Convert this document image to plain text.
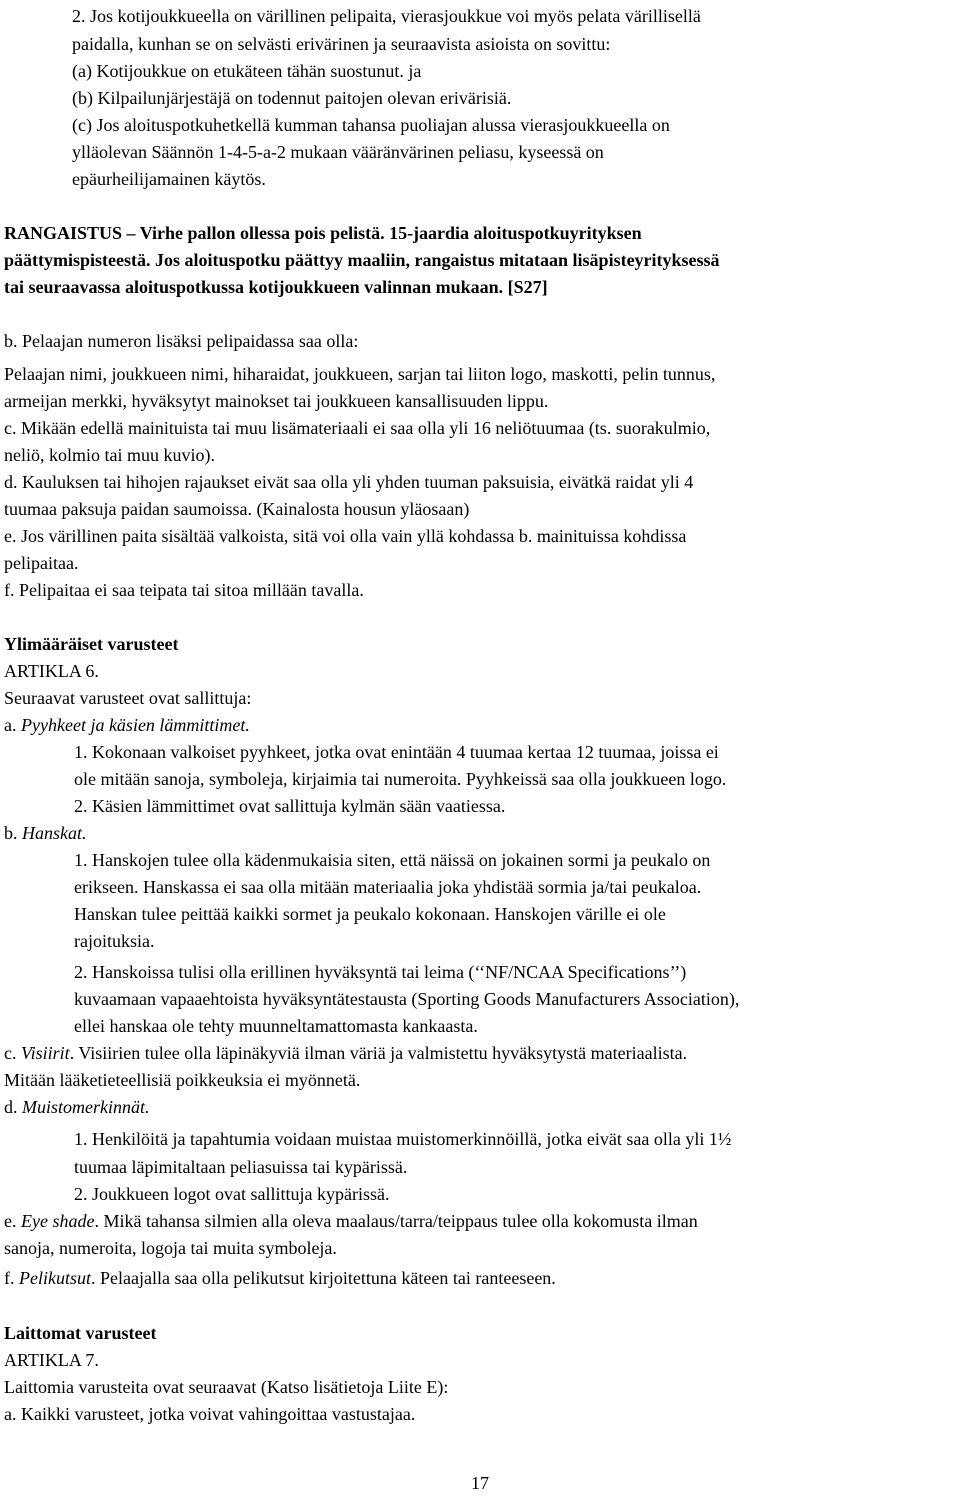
2. Jos kotijoukkueella on värillinen pelipaita, vierasjoukkue voi myös pelata värillisellä
paidalla, kunhan se on selvästi erivärinen ja seuraavista asioista on sovittu:
(a) Kotijoukkue on etukäteen tähän suostunut. ja
(b) Kilpailunjärjestäjä on todennut paitojen olevan erivärisiä.
(c) Jos aloituspotkuhetkellä kumman tahansa puoliajan alussa vierasjoukkueella on
ylläolevan Säännön 1-4-5-a-2 mukaan vääränvärinen peliasu, kyseessä on
epäurheilijamainen käytös.
RANGAISTUS – Virhe pallon ollessa pois pelistä. 15-jaardia aloituspotkuyrityksen
päättymispisteestä. Jos aloituspotku päättyy maaliin, rangaistus mitataan lisäpisteyrityksessä
tai seuraavassa aloituspotkussa kotijoukkueen valinnan mukaan. [S27]
b. Pelaajan numeron lisäksi pelipaidassa saa olla:
Pelaajan nimi, joukkueen nimi, hiharaidat, joukkueen, sarjan tai liiton logo, maskotti, pelin tunnus,
armeijan merkki, hyväksytyt mainokset tai joukkueen kansallisuuden lippu.
c. Mikään edellä mainituista tai muu lisämateriaali ei saa olla yli 16 neliötuumaa (ts. suorakulmio,
neliö, kolmio tai muu kuvio).
d. Kauluksen tai hihojen rajaukset eivät saa olla yli yhden tuuman paksuisia, eivätkä raidat yli 4
tuumaa paksuja paidan saumoissa. (Kainalosta housun yläosaan)
e. Jos värillinen paita sisältää valkoista, sitä voi olla vain yllä kohdassa b. mainituissa kohdissa
pelipaitaa.
f. Pelipaitaa ei saa teipata tai sitoa millään tavalla.
Ylimääräiset varusteet
ARTIKLA 6.
Seuraavat varusteet ovat sallittuja:
a. Pyyhkeet ja käsien lämmittimet.
1. Kokonaan valkoiset pyyhkeet, jotka ovat enintään 4 tuumaa kertaa 12 tuumaa, joissa ei
ole mitään sanoja, symboleja, kirjaimia tai numeroita. Pyyhkeissä saa olla joukkueen logo.
2. Käsien lämmittimet ovat sallittuja kylmän sään vaatiessa.
b. Hanskat.
1. Hanskojen tulee olla kädenmukaisia siten, että näissä on jokainen sormi ja peukalo on
erikseen. Hanskassa ei saa olla mitään materiaalia joka yhdistää sormia ja/tai peukaloa.
Hanskan tulee peittää kaikki sormet ja peukalo kokonaan. Hanskojen värille ei ole
rajoituksia.
2. Hanskoissa tulisi olla erillinen hyväksyntä tai leima (‘‘NF/NCAA Specifications’’)
kuvaamaan vapaaehtoista hyväksyntätestausta (Sporting Goods Manufacturers Association),
ellei hanskaa ole tehty muunneltamattomasta kankaasta.
c. Visiirit. Visiirien tulee olla läpinäkyviä ilman väriä ja valmistettu hyväksytystä materiaalista.
Mitään lääketieteellisiä poikkeuksia ei myönnetä.
d. Muistomerkinnät.
1. Henkilöitä ja tapahtumia voidaan muistaa muistomerkinnöillä, jotka eivät saa olla yli 1½
tuumaa läpimitaltaan peliasuissa tai kypärissä.
2. Joukkueen logot ovat sallittuja kypärissä.
e. Eye shade. Mikä tahansa silmien alla oleva maalaus/tarra/teippaus tulee olla kokomusta ilman
sanoja, numeroita, logoja tai muita symboleja.
f. Pelikutsut. Pelaajalla saa olla pelikutsut kirjoitettuna käteen tai ranteeseen.
Laittomat varusteet
ARTIKLA 7.
Laittomia varusteita ovat seuraavat (Katso lisätietoja Liite E):
a. Kaikki varusteet, jotka voivat vahingoittaa vastustajaa.
17
